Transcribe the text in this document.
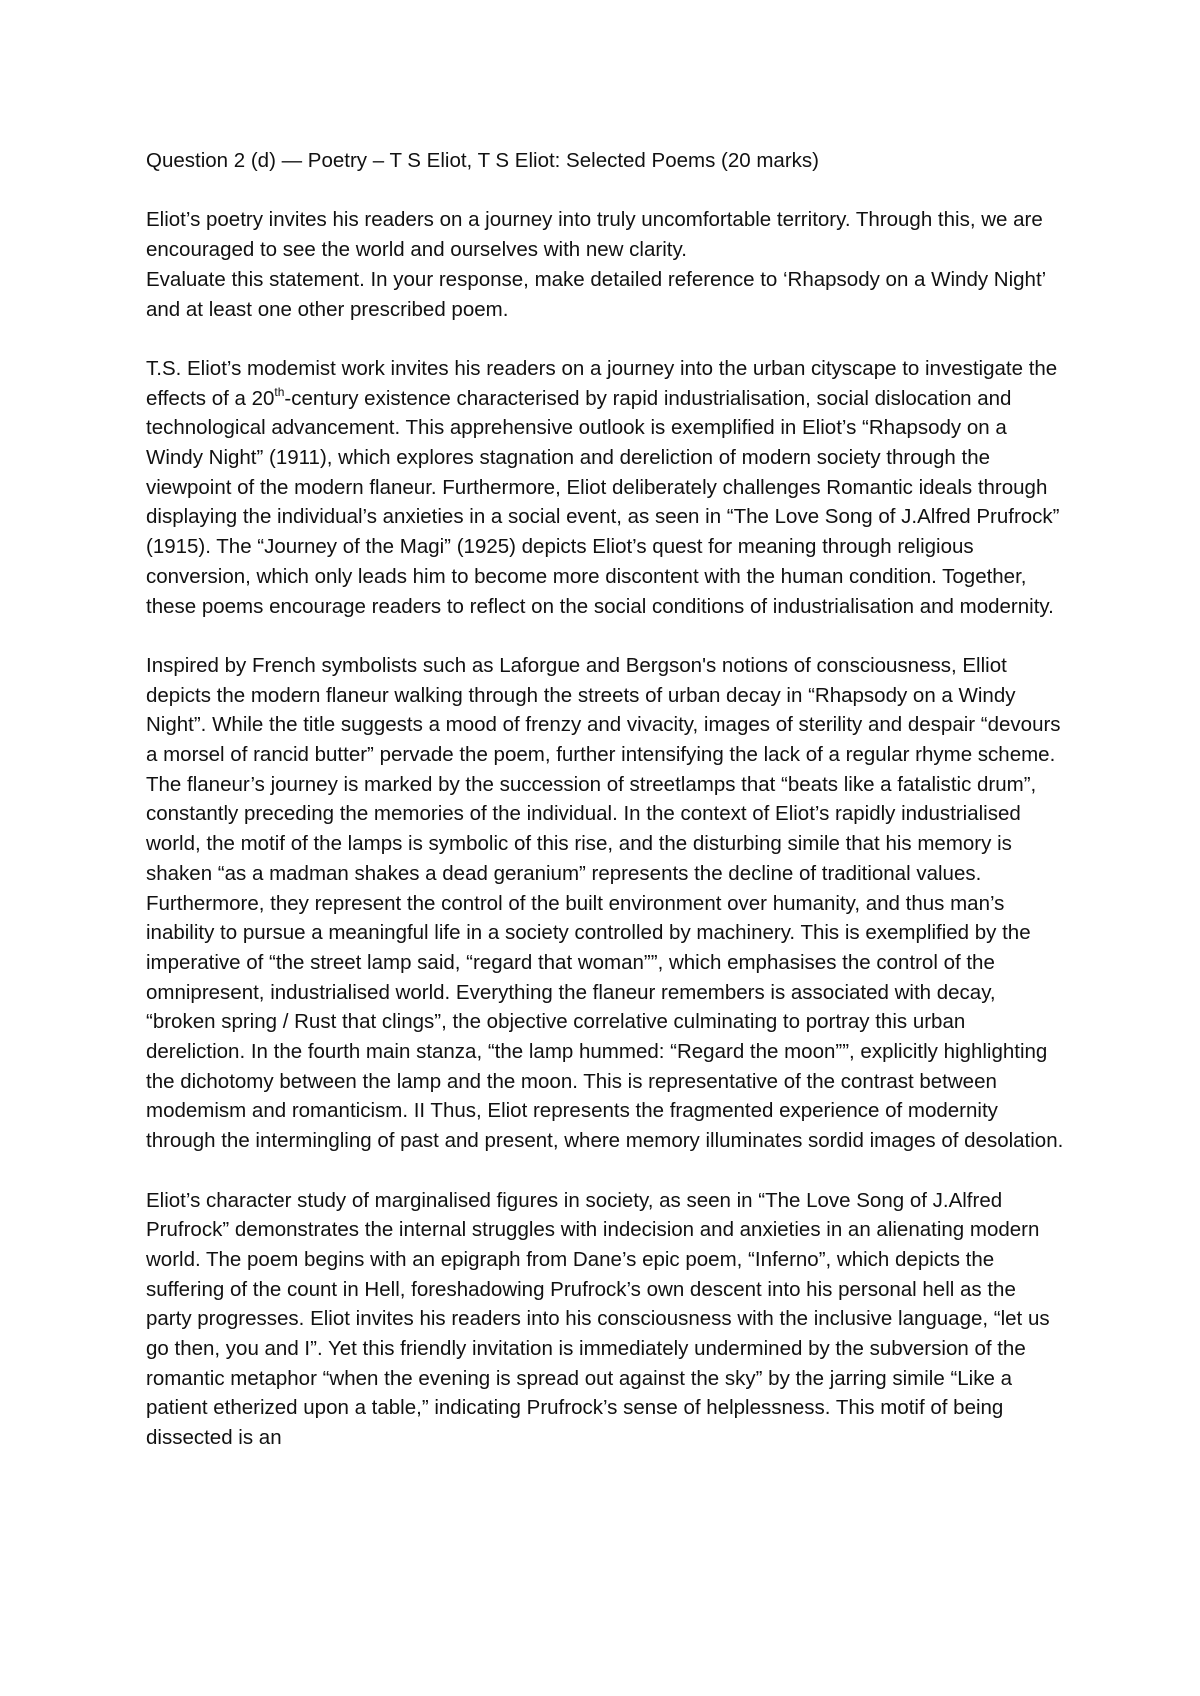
Question 2 (d) — Poetry – T S Eliot, T S Eliot: Selected Poems (20 marks)

Eliot’s poetry invites his readers on a journey into truly uncomfortable territory. Through this, we are encouraged to see the world and ourselves with new clarity.

Evaluate this statement. In your response, make detailed reference to ‘Rhapsody on a Windy Night’ and at least one other prescribed poem.

T.S. Eliot’s modemist work invites his readers on a journey into the urban cityscape to investigate the effects of a 20th-century existence characterised by rapid industrialisation, social dislocation and technological advancement. This apprehensive outlook is exemplified in Eliot’s “Rhapsody on a Windy Night” (1911), which explores stagnation and dereliction of modern society through the viewpoint of the modern flaneur. Furthermore, Eliot deliberately challenges Romantic ideals through displaying the individual’s anxieties in a social event, as seen in “The Love Song of J.Alfred Prufrock” (1915). The “Journey of the Magi” (1925) depicts Eliot’s quest for meaning through religious conversion, which only leads him to become more discontent with the human condition. Together, these poems encourage readers to reflect on the social conditions of industrialisation and modernity.

Inspired by French symbolists such as Laforgue and Bergson's notions of consciousness, Elliot depicts the modern flaneur walking through the streets of urban decay in “Rhapsody on a Windy Night”. While the title suggests a mood of frenzy and vivacity, images of sterility and despair “devours a morsel of rancid butter” pervade the poem, further intensifying the lack of a regular rhyme scheme. The flaneur’s journey is marked by the succession of streetlamps that “beats like a fatalistic drum”, constantly preceding the memories of the individual. In the context of Eliot’s rapidly industrialised world, the motif of the lamps is symbolic of this rise, and the disturbing simile that his memory is shaken “as a madman shakes a dead geranium” represents the decline of traditional values. Furthermore, they represent the control of the built environment over humanity, and thus man’s inability to pursue a meaningful life in a society controlled by machinery. This is exemplified by the imperative of “the street lamp said, “regard that woman””, which emphasises the control of the omnipresent, industrialised world. Everything the flaneur remembers is associated with decay, “broken spring / Rust that clings”, the objective correlative culminating to portray this urban dereliction. In the fourth main stanza, “the lamp hummed: “Regard the moon””, explicitly highlighting the dichotomy between the lamp and the moon. This is representative of the contrast between modemism and romanticism. II Thus, Eliot represents the fragmented experience of modernity through the intermingling of past and present, where memory illuminates sordid images of desolation.

Eliot’s character study of marginalised figures in society, as seen in “The Love Song of J.Alfred Prufrock” demonstrates the internal struggles with indecision and anxieties in an alienating modern world. The poem begins with an epigraph from Dane’s epic poem, “Inferno”, which depicts the suffering of the count in Hell, foreshadowing Prufrock’s own descent into his personal hell as the party progresses. Eliot invites his readers into his consciousness with the inclusive language, “let us go then, you and I”. Yet this friendly invitation is immediately undermined by the subversion of the romantic metaphor “when the evening is spread out against the sky” by the jarring simile “Like a patient etherized upon a table,” indicating Prufrock’s sense of helplessness. This motif of being dissected is an
